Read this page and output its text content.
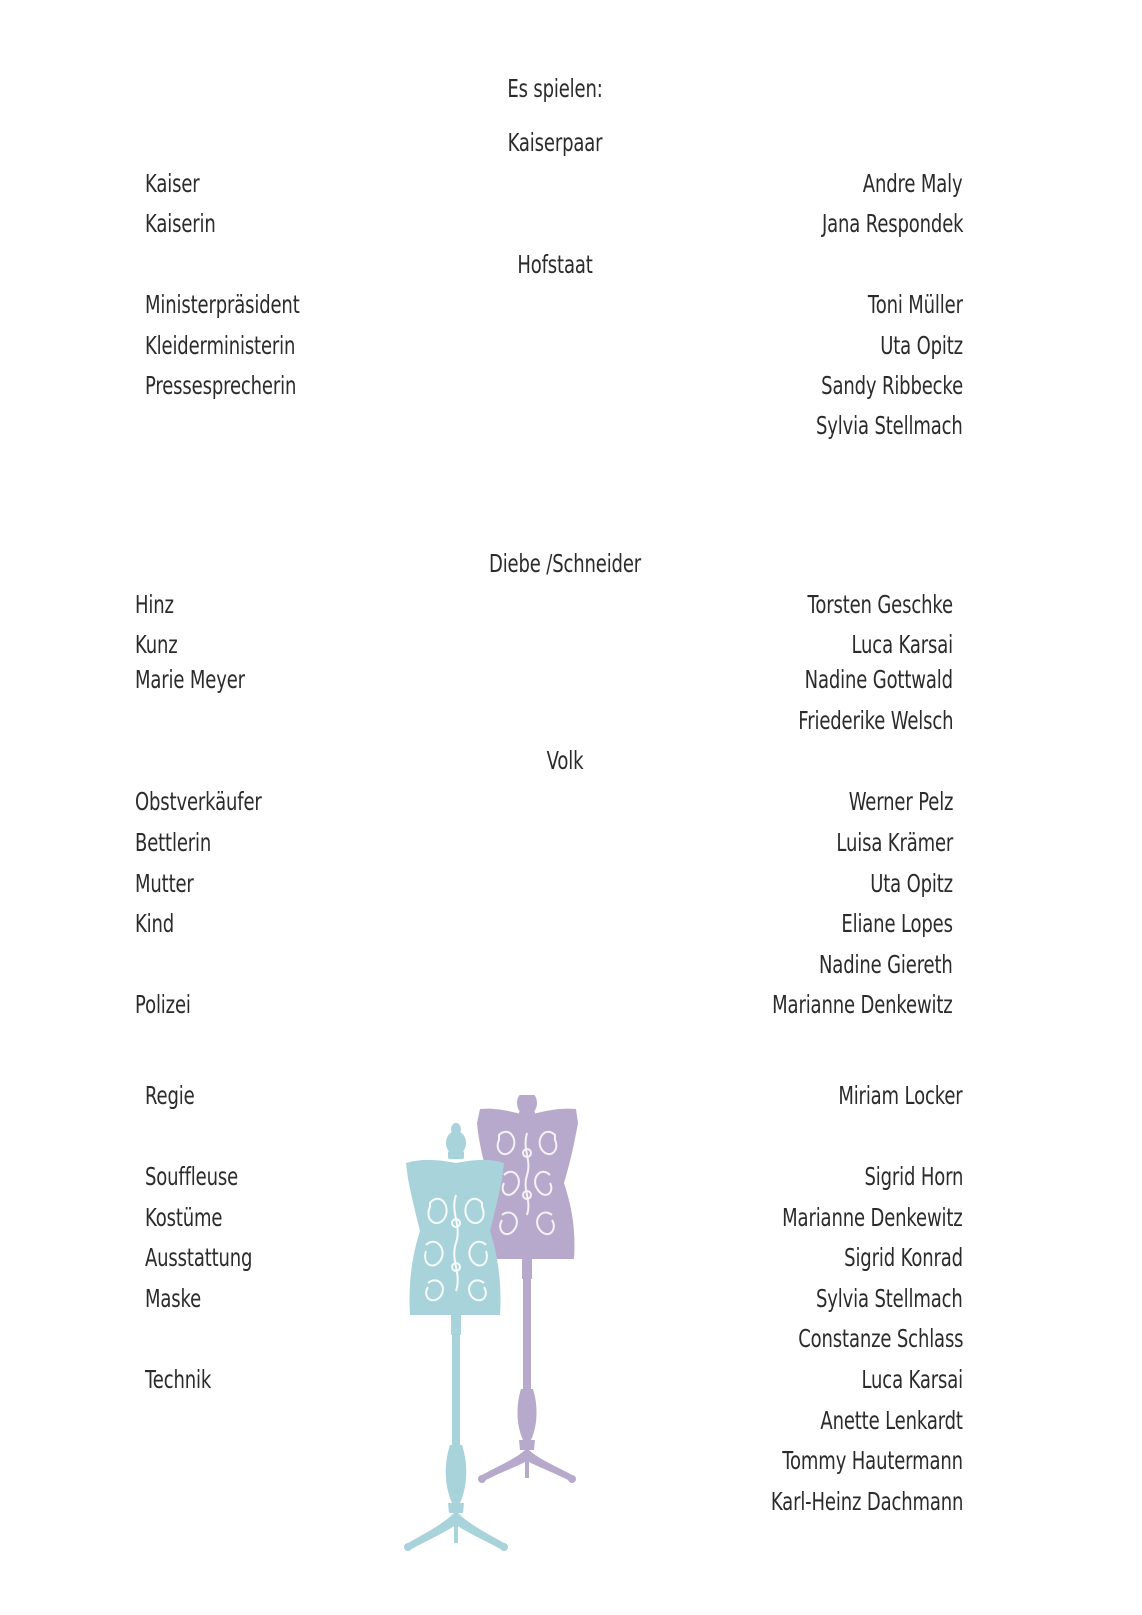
Es spielen:
Kaiserpaar
Kaiser	Andre Maly
Kaiserin	Jana Respondek
Hofstaat
Ministerpräsident	Toni Müller
Kleiderministerin	Uta Opitz
Pressesprecherin	Sandy Ribbecke
Sylvia Stellmach
Diebe /Schneider
Hinz	Torsten Geschke
Kunz	Luca Karsai
Marie Meyer	Nadine Gottwald
Friederike Welsch
Volk
Obstverkäufer	Werner Pelz
Bettlerin	Luisa Krämer
Mutter	Uta Opitz
Kind	Eliane Lopes
Nadine Giereth
Polizei	Marianne Denkewitz
Regie	Miriam Locker
Souffleuse	Sigrid Horn
Kostüme	Marianne Denkewitz
Ausstattung	Sigrid Konrad
Maske	Sylvia Stellmach
Constanze Schlass
Technik	Luca Karsai
Anette Lenkardt
Tommy Hautermann
Karl-Heinz Dachmann
